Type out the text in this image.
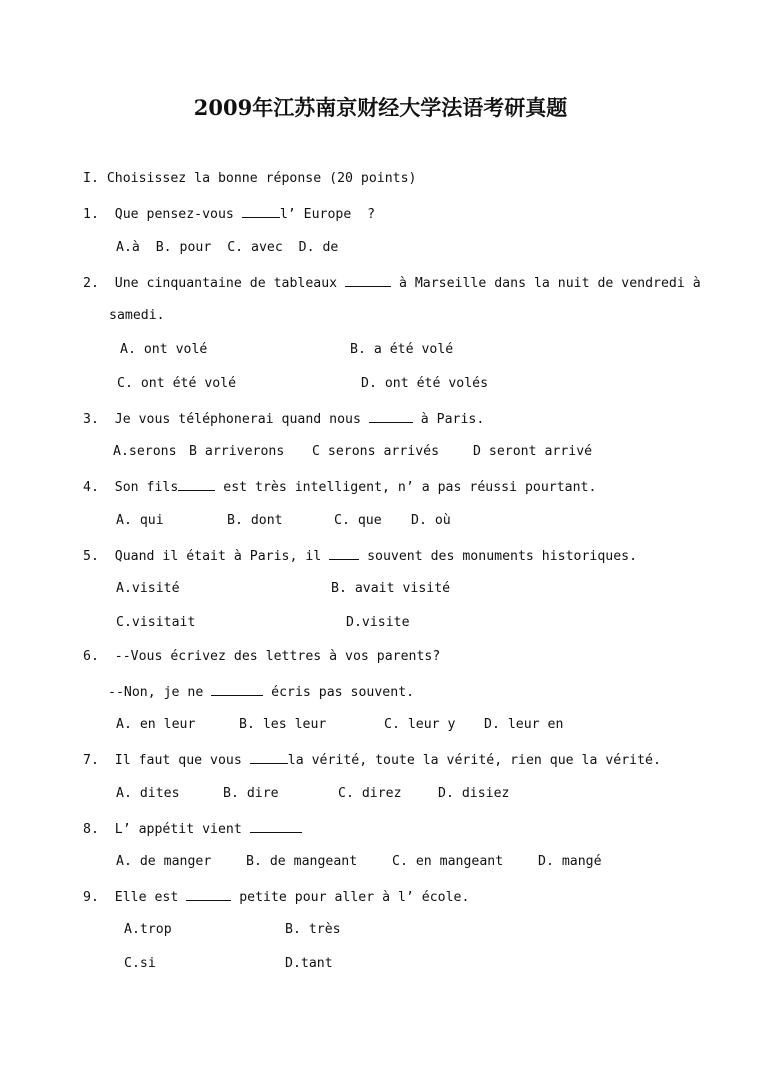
2009年江苏南京财经大学法语考研真题
I. Choisissez la bonne réponse (20 points)
1. Que pensez-vous	l’ Europe  ?
A.à B. pour C. avec D. de
2. Une cinquantaine de tableaux	à Marseille dans la nuit de vendredi à
samedi.
A. ont volé	B. a été volé
C. ont été volé	D. ont été volés
3. Je vous téléphonerai quand nous	à Paris.
A.serons B arriverons C serons arrivés	D seront arrivé
4. Son fils	est très intelligent, n’ a pas réussi pourtant.
A. qui	B. dont	C. que D. où
5. Quand il était à Paris, il  souvent des monuments historiques.
A.visité	B. avait visité
C.visitait	D.visite
6. --Vous écrivez des lettres à vos parents?
--Non, je ne	écris pas souvent.
A. en leur	B. les leur	C. leur y D. leur en
7. Il faut que vous	la vérité, toute la vérité, rien que la vérité.
A. dites	B. dire	C. direz	D. disiez
8. L’ appétit vient
A. de manger	B. de mangeant	C. en mangeant	D. mangé
9. Elle est	petite pour aller à l’ école.
A.trop	B. très
C.si	D.tant
